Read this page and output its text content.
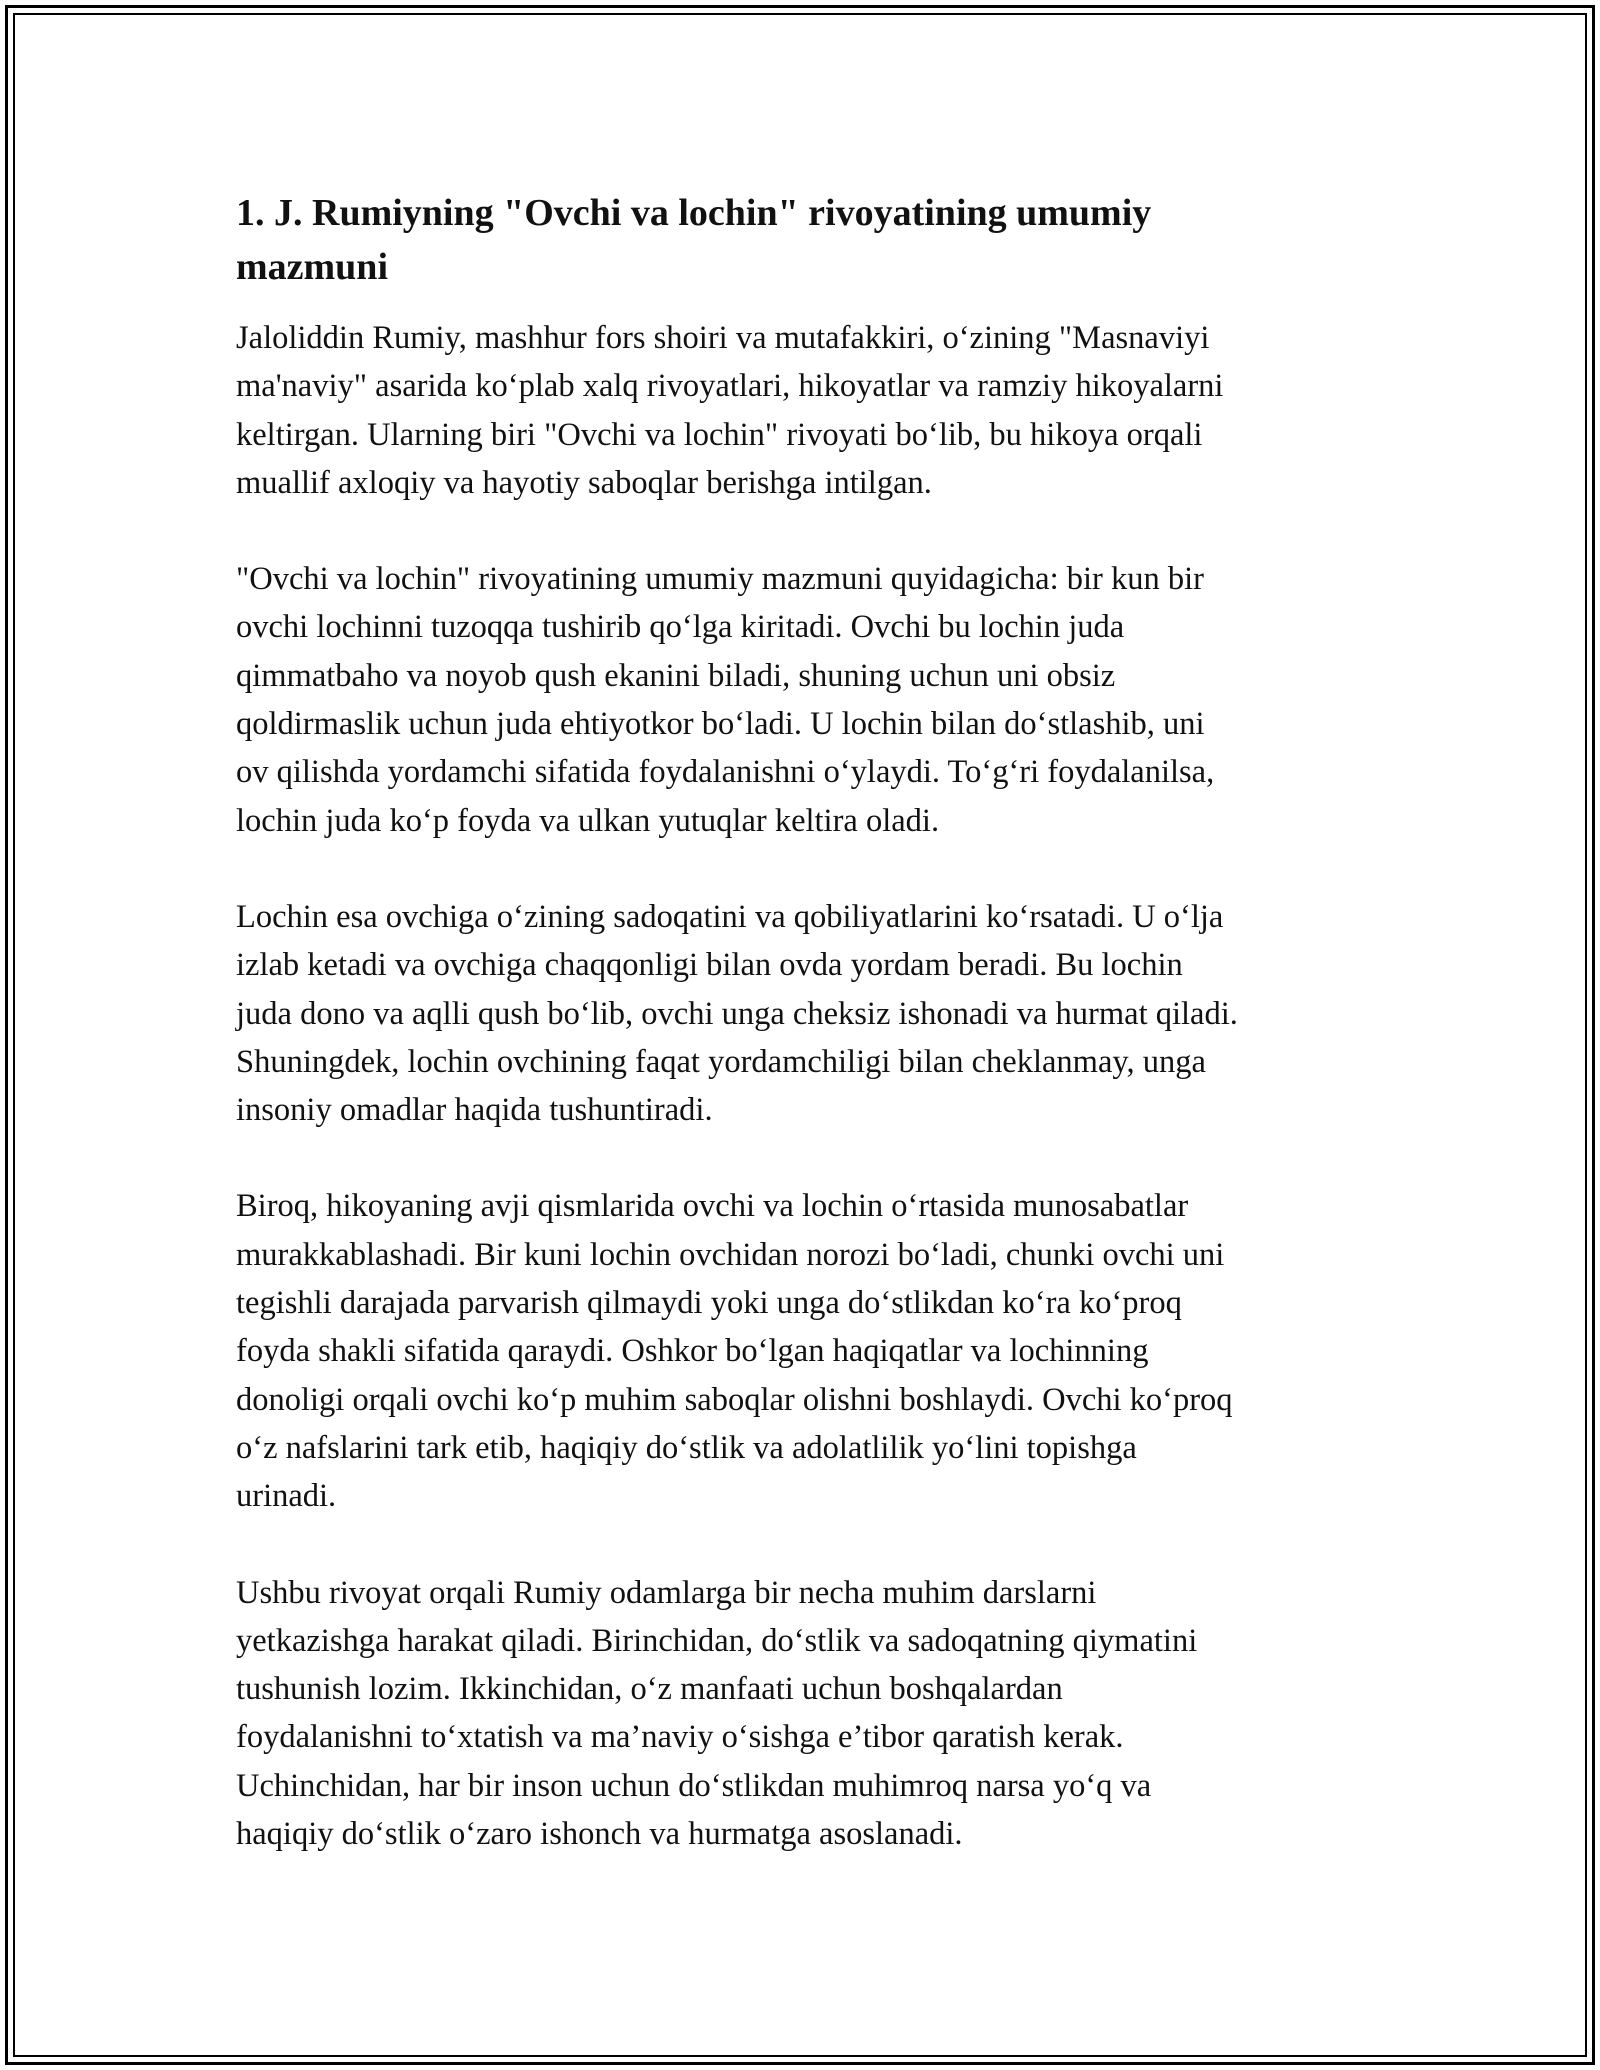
1. J. Rumiyning "Ovchi va lochin" rivoyatining umumiy
mazmuni

Jaloliddin Rumiy, mashhur fors shoiri va mutafakkiri, o‘zining "Masnaviyi
ma'naviy" asarida ko‘plab xalq rivoyatlari, hikoyatlar va ramziy hikoyalarni
keltirgan. Ularning biri "Ovchi va lochin" rivoyati bo‘lib, bu hikoya orqali
muallif axloqiy va hayotiy saboqlar berishga intilgan.

"Ovchi va lochin" rivoyatining umumiy mazmuni quyidagicha: bir kun bir
ovchi lochinni tuzoqqa tushirib qo‘lga kiritadi. Ovchi bu lochin juda
qimmatbaho va noyob qush ekanini biladi, shuning uchun uni obsiz
qoldirmaslik uchun juda ehtiyotkor bo‘ladi. U lochin bilan do‘stlashib, uni
ov qilishda yordamchi sifatida foydalanishni o‘ylaydi. To‘g‘ri foydalanilsa,
lochin juda ko‘p foyda va ulkan yutuqlar keltira oladi.

Lochin esa ovchiga o‘zining sadoqatini va qobiliyatlarini ko‘rsatadi. U o‘lja
izlab ketadi va ovchiga chaqqonligi bilan ovda yordam beradi. Bu lochin
juda dono va aqlli qush bo‘lib, ovchi unga cheksiz ishonadi va hurmat qiladi.
Shuningdek, lochin ovchining faqat yordamchiligi bilan cheklanmay, unga
insoniy omadlar haqida tushuntiradi.

Biroq, hikoyaning avji qismlarida ovchi va lochin o‘rtasida munosabatlar
murakkablashadi. Bir kuni lochin ovchidan norozi bo‘ladi, chunki ovchi uni
tegishli darajada parvarish qilmaydi yoki unga do‘stlikdan ko‘ra ko‘proq
foyda shakli sifatida qaraydi. Oshkor bo‘lgan haqiqatlar va lochinning
donoligi orqali ovchi ko‘p muhim saboqlar olishni boshlaydi. Ovchi ko‘proq
o‘z nafslarini tark etib, haqiqiy do‘stlik va adolatlilik yo‘lini topishga
urinadi.

Ushbu rivoyat orqali Rumiy odamlarga bir necha muhim darslarni
yetkazishga harakat qiladi. Birinchidan, do‘stlik va sadoqatning qiymatini
tushunish lozim. Ikkinchidan, o‘z manfaati uchun boshqalardan
foydalanishni to‘xtatish va ma’naviy o‘sishga e’tibor qaratish kerak.
Uchinchidan, har bir inson uchun do‘stlikdan muhimroq narsa yo‘q va
haqiqiy do‘stlik o‘zaro ishonch va hurmatga asoslanadi.
